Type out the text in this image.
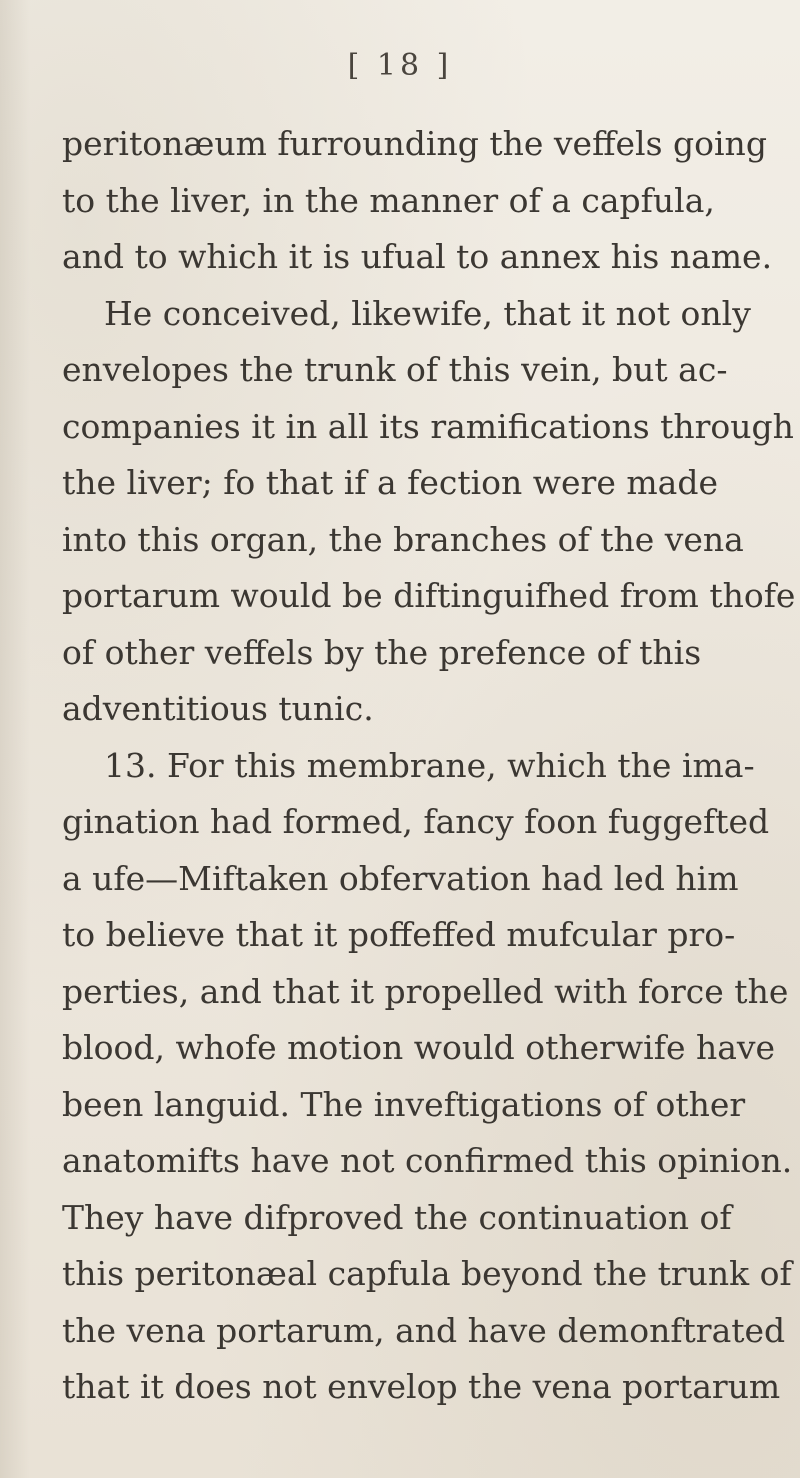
[ 18 ]
peritonæum furrounding the veffels going
to the liver, in the manner of a capfula,
and to which it is ufual to annex his name.
He conceived, likewife, that it not only
envelopes the trunk of this vein, but ac-
companies it in all its ramifications through
the liver; fo that if a fection were made
into this organ, the branches of the vena
portarum would be diftinguifhed from thofe
of other veffels by the prefence of this
adventitious tunic.
13. For this membrane, which the ima-
gination had formed, fancy foon fuggefted
a ufe—Miftaken obfervation had led him
to believe that it poffeffed mufcular pro-
perties, and that it propelled with force the
blood, whofe motion would otherwife have
been languid. The inveftigations of other
anatomifts have not confirmed this opinion.
They have difproved the continuation of
this peritonæal capfula beyond the trunk of
the vena portarum, and have demonftrated
that it does not envelop the vena portarum
